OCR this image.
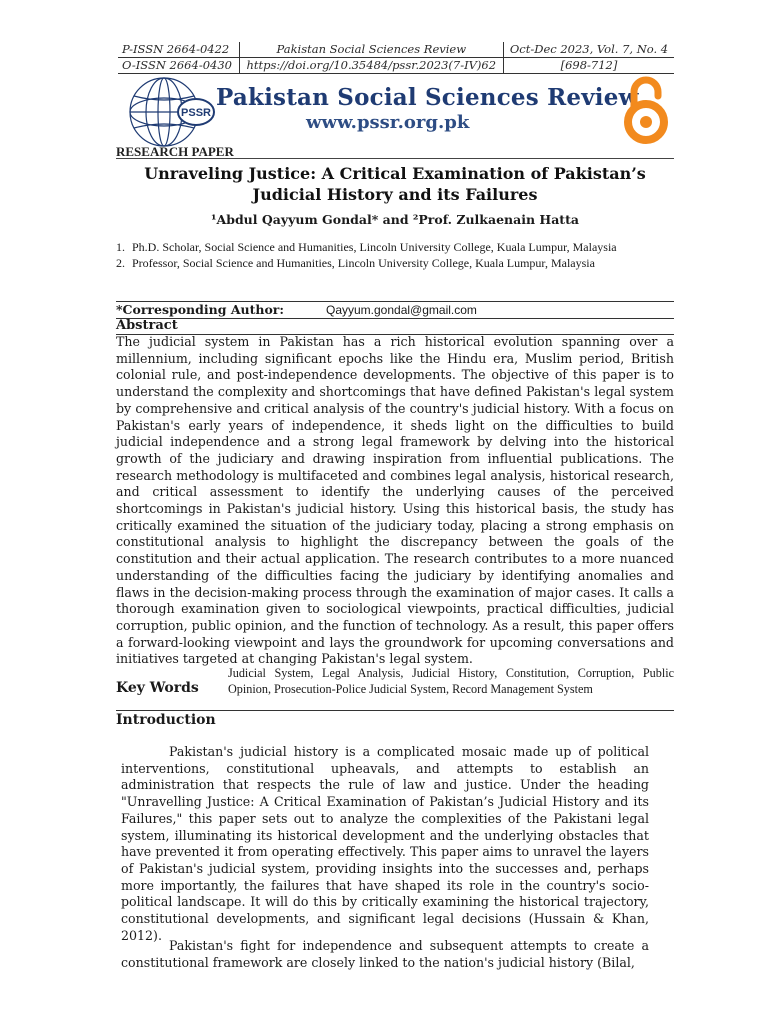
P-ISSN 2664-0422	Pakistan Social Sciences Review	Oct-Dec 2023, Vol. 7, No. 4
O-ISSN 2664-0430	https://doi.org/10.35484/pssr.2023(7-IV)62	[698-712]
PSSR
Pakistan Social Sciences Review
www.pssr.org.pk
RESEARCH PAPER
Unraveling Justice: A Critical Examination of Pakistan’s Judicial History and its Failures
¹Abdul Qayyum Gondal* and ²Prof. Zulkaenain Hatta
1. Ph.D. Scholar, Social Science and Humanities, Lincoln University College, Kuala Lumpur, Malaysia
2. Professor, Social Science and Humanities, Lincoln University College, Kuala Lumpur, Malaysia
*Corresponding Author:	Qayyum.gondal@gmail.com
Abstract

The judicial system in Pakistan has a rich historical evolution spanning over a millennium, including significant epochs like the Hindu era, Muslim period, British colonial rule, and post-independence developments. The objective of this paper is to understand the complexity and shortcomings that have defined Pakistan's legal system by comprehensive and critical analysis of the country's judicial history. With a focus on Pakistan's early years of independence, it sheds light on the difficulties to build judicial independence and a strong legal framework by delving into the historical growth of the judiciary and drawing inspiration from influential publications. The research methodology is multifaceted and combines legal analysis, historical research, and critical assessment to identify the underlying causes of the perceived shortcomings in Pakistan's judicial history. Using this historical basis, the study has critically examined the situation of the judiciary today, placing a strong emphasis on constitutional analysis to highlight the discrepancy between the goals of the constitution and their actual application. The research contributes to a more nuanced understanding of the difficulties facing the judiciary by identifying anomalies and flaws in the decision-making process through the examination of major cases. It calls a thorough examination given to sociological viewpoints, practical difficulties, judicial corruption, public opinion, and the function of technology. As a result, this paper offers a forward-looking viewpoint and lays the groundwork for upcoming conversations and initiatives targeted at changing Pakistan's legal system.

Key Words
Judicial System, Legal Analysis, Judicial History, Constitution, Corruption, Public Opinion, Prosecution-Police Judicial System, Record Management System
Introduction

Pakistan's judicial history is a complicated mosaic made up of political interventions, constitutional upheavals, and attempts to establish an administration that respects the rule of law and justice. Under the heading "Unravelling Justice: A Critical Examination of Pakistan’s Judicial History and its Failures," this paper sets out to analyze the complexities of the Pakistani legal system, illuminating its historical development and the underlying obstacles that have prevented it from operating effectively. This paper aims to unravel the layers of Pakistan's judicial system, providing insights into the successes and, perhaps more importantly, the failures that have shaped its role in the country's socio-political landscape. It will do this by critically examining the historical trajectory, constitutional developments, and significant legal decisions (Hussain & Khan, 2012).

Pakistan's fight for independence and subsequent attempts to create a constitutional framework are closely linked to the nation's judicial history (Bilal,
